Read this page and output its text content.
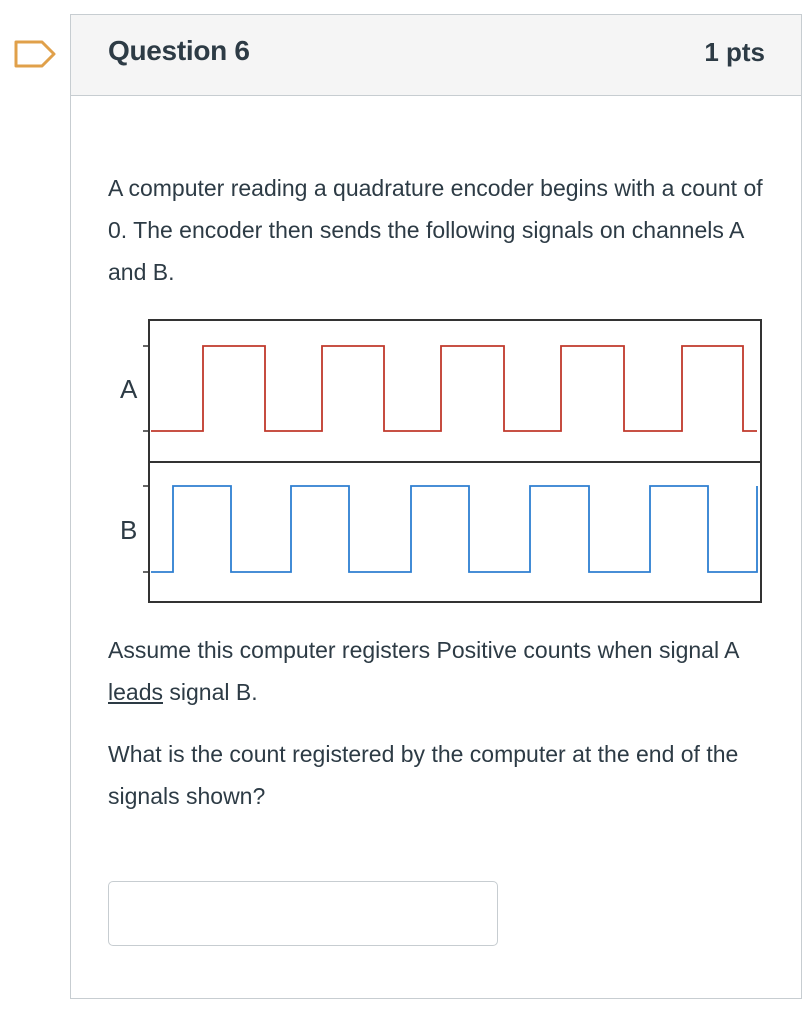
Question 6	1 pts

A computer reading a quadrature encoder begins with a count of 0. The encoder then sends the following signals on channels A and B.

A
B

Assume this computer registers Positive counts when signal A leads signal B.

What is the count registered by the computer at the end of the signals shown?
